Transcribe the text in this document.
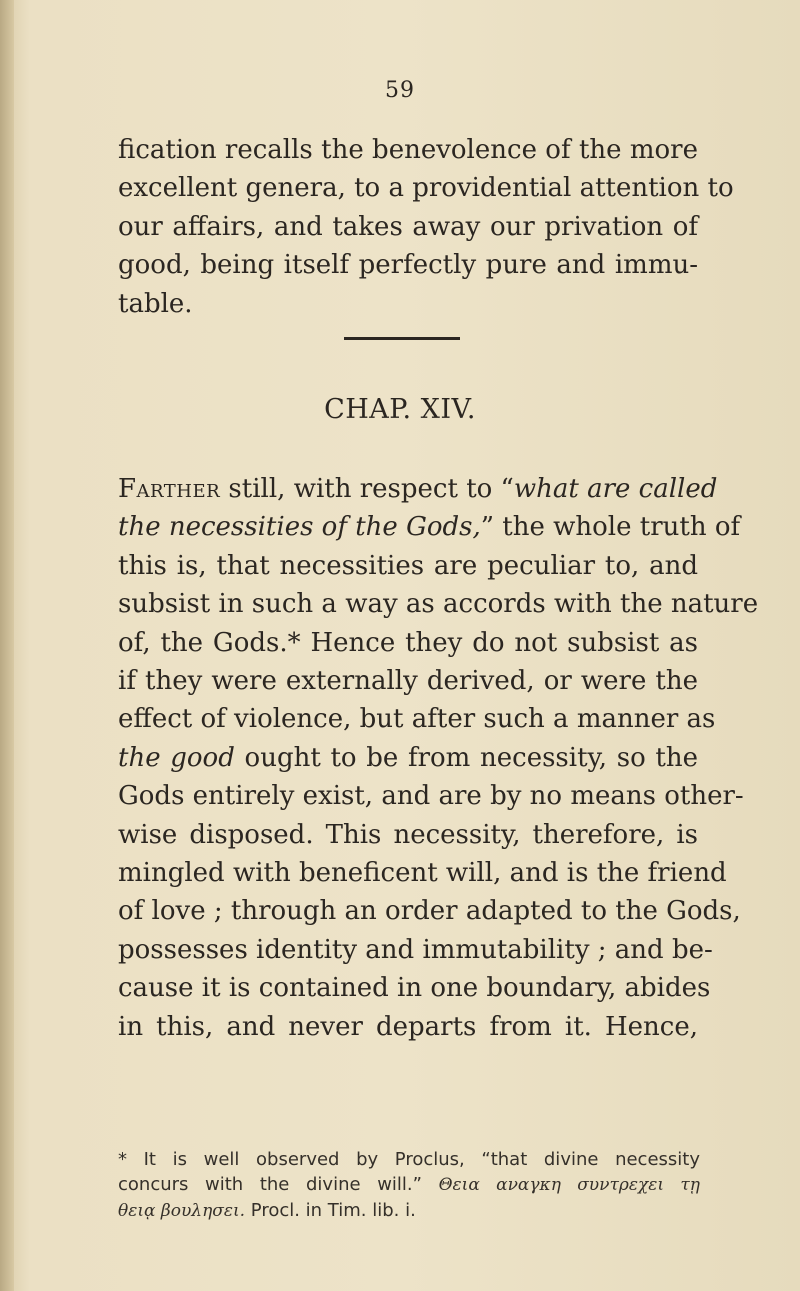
59

fication recalls the benevolence of the more
excellent genera, to a providential attention to
our affairs, and takes away our privation of
good, being itself perfectly pure and immu-
table.

CHAP. XIV.

Farther still, with respect to “what are called
the necessities of the Gods,” the whole truth of
this is, that necessities are peculiar to, and
subsist in such a way as accords with the nature
of, the Gods.* Hence they do not subsist as
if they were externally derived, or were the
effect of violence, but after such a manner as
the good ought to be from necessity, so the
Gods entirely exist, and are by no means other-
wise disposed. This necessity, therefore, is
mingled with beneficent will, and is the friend
of love ; through an order adapted to the Gods,
possesses identity and immutability ; and be-
cause it is contained in one boundary, abides
in this, and never departs from it. Hence,

* It is well observed by Proclus, “that divine necessity
concurs with the divine will.” Θεια αναγκη συντρεχει τῃ
θειᾳ βουλησει. Procl. in Tim. lib. i.
